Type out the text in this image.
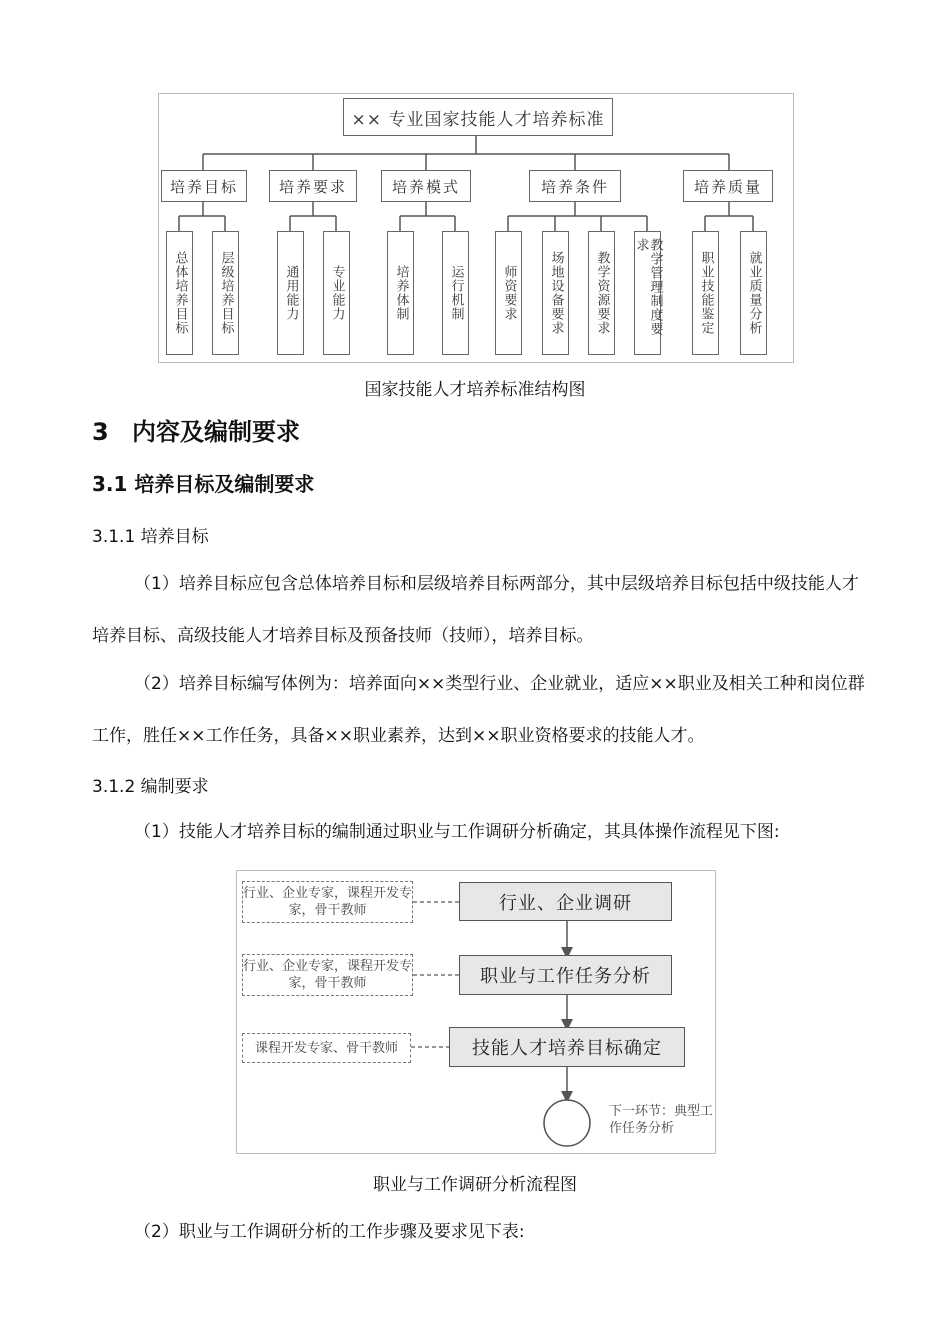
×× 专业国家技能人才培养标准
培养目标	培养要求	培养模式	培养条件	培养质量
总体培养目标	层级培养目标	通用能力	专业能力	培养体制	运行机制	师资要求	场地设备要求	教学资源要求	教学管理制度要求
职业技能鉴定	就业质量分析
国家技能人才培养标准结构图
3 内容及编制要求
3.1 培养目标及编制要求
3.1.1 培养目标
（1）培养目标应包含总体培养目标和层级培养目标两部分，其中层级培养目标包括中级技能人才培养目标、高级技能人才培养目标及预备技师（技师），培养目标。
（2）培养目标编写体例为：培养面向××类型行业、企业就业，适应××职业及相关工种和岗位群工作，胜任××工作任务，具备××职业素养，达到××职业资格要求的技能人才。
3.1.2 编制要求
（1）技能人才培养目标的编制通过职业与工作调研分析确定，其具体操作流程见下图:
行业、企业专家，课程开发专家，骨干教师
行业、企业专家，课程开发专家，骨干教师
课程开发专家、骨干教师
行业、企业调研
职业与工作任务分析
技能人才培养目标确定
下一环节：典型工作任务分析
职业与工作调研分析流程图
（2）职业与工作调研分析的工作步骤及要求见下表:
